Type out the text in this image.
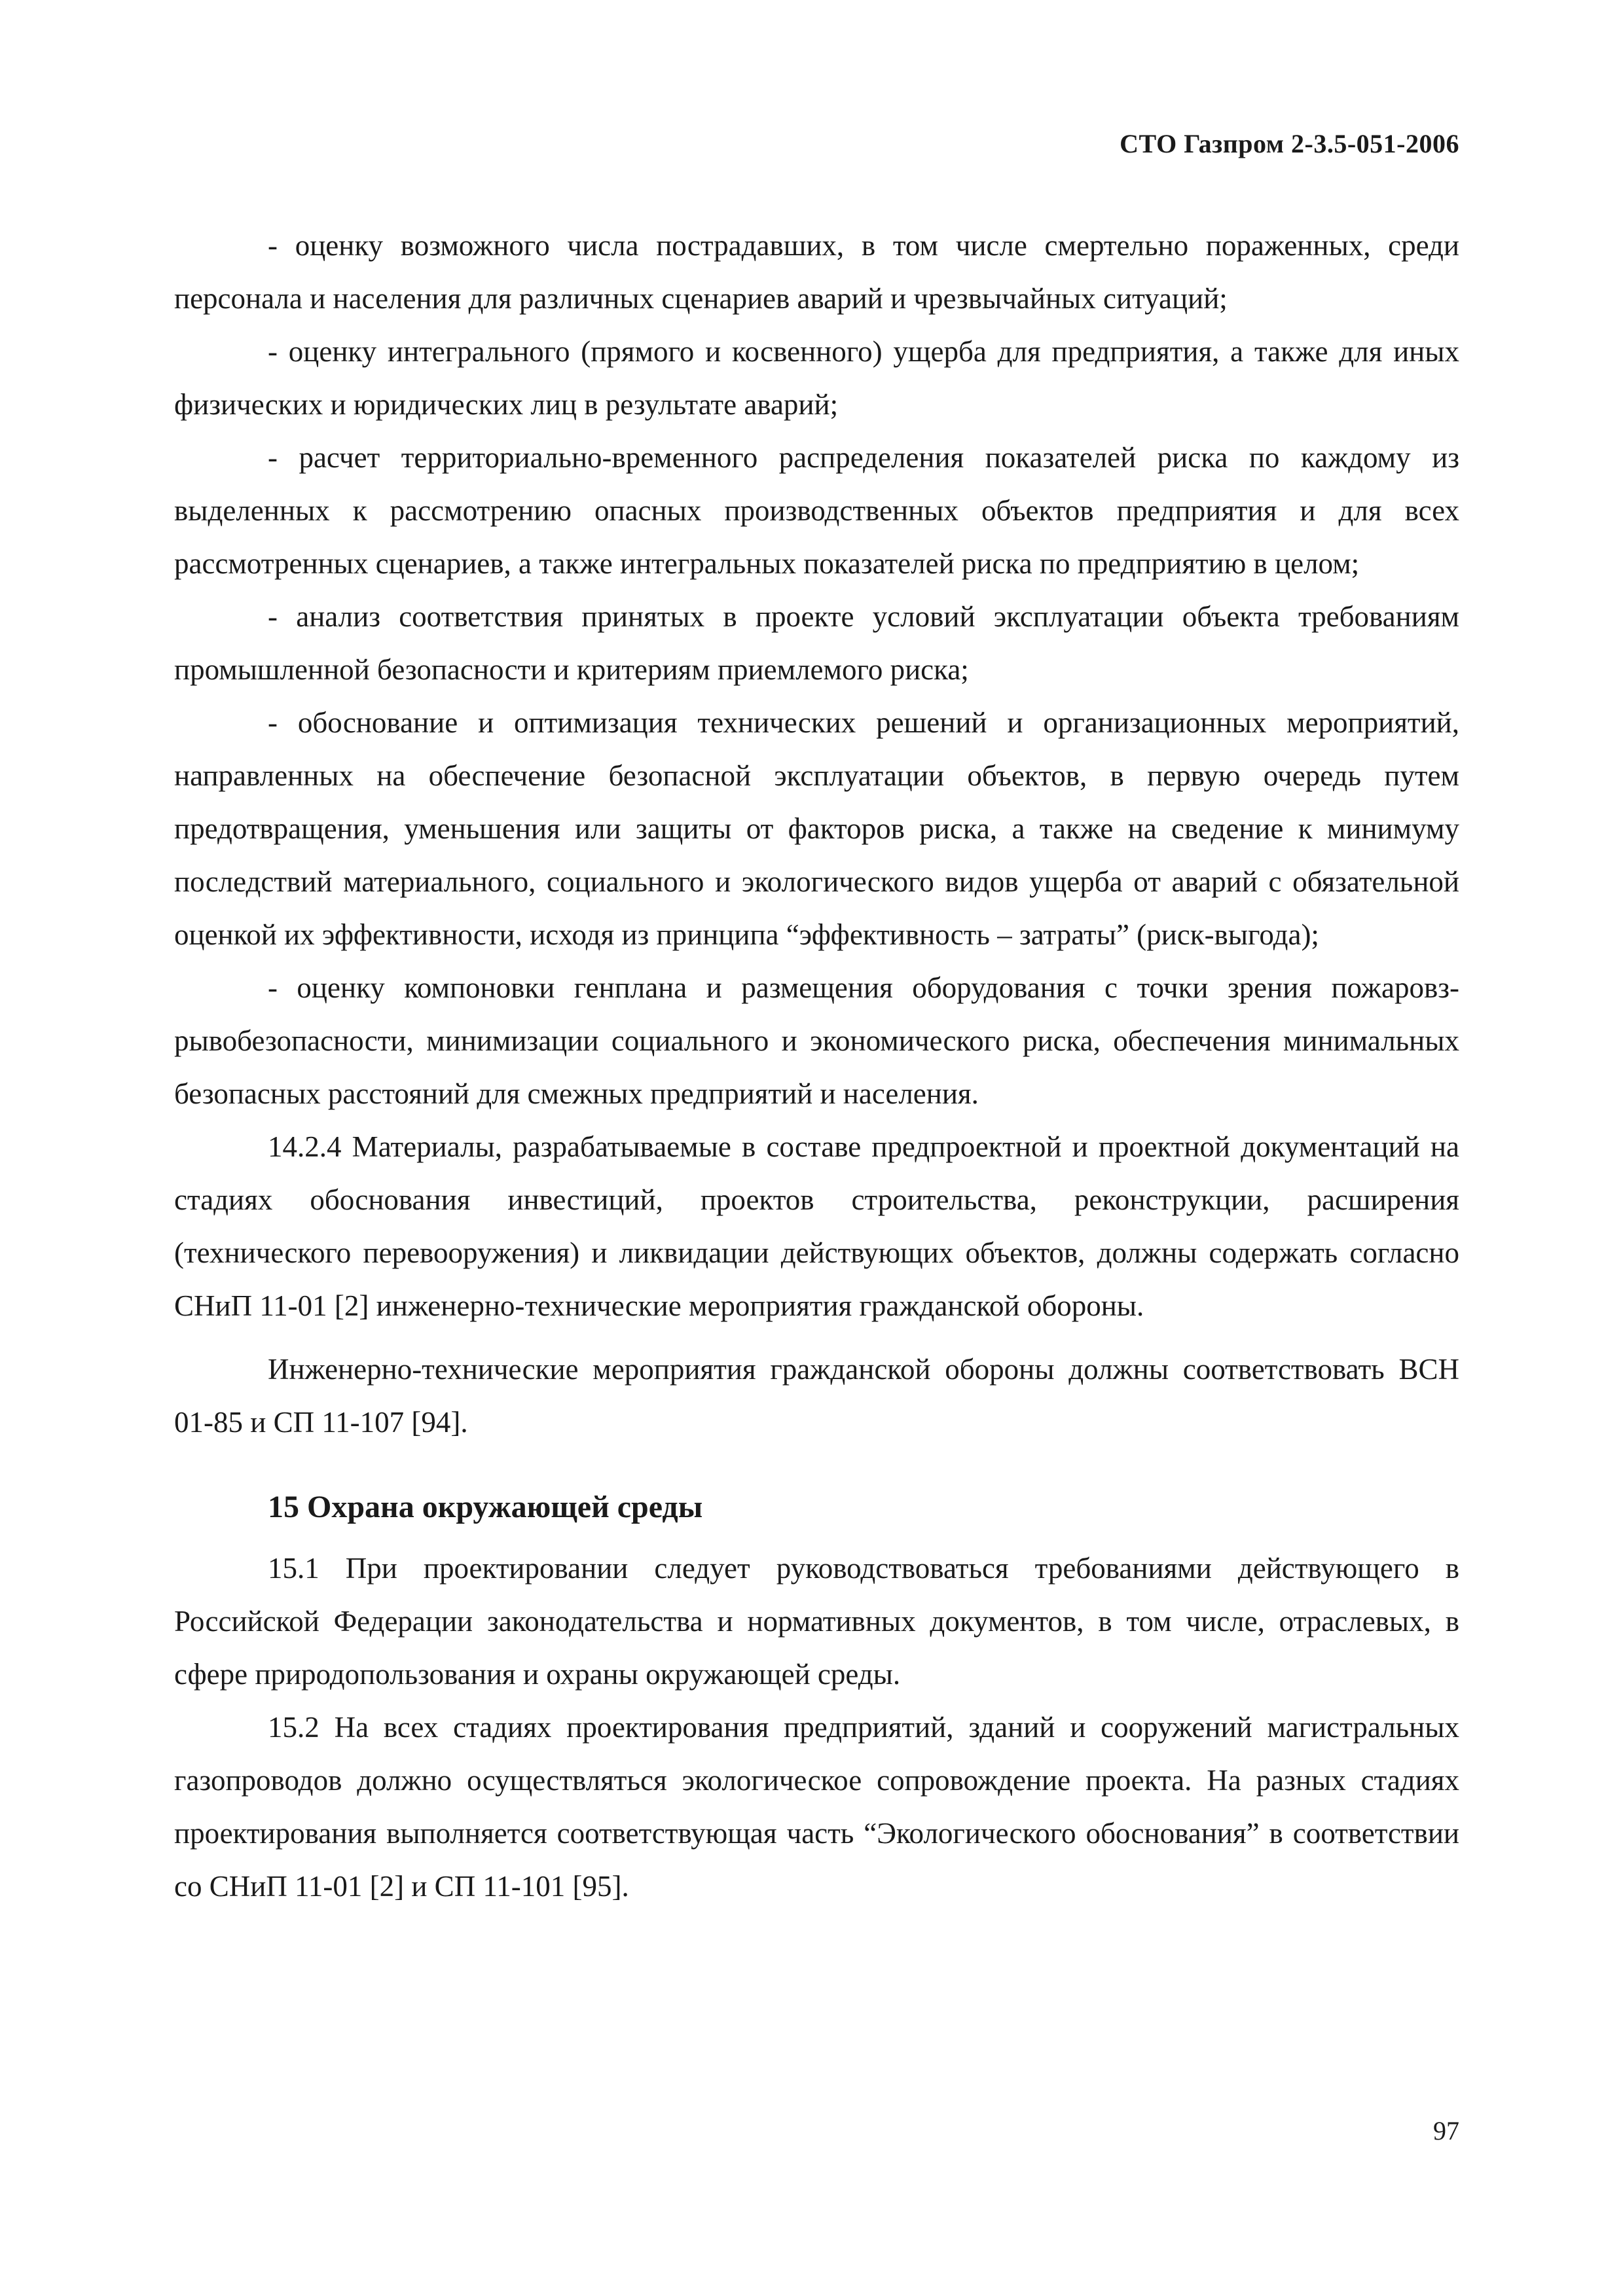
СТО Газпром 2-3.5-051-2006

- оценку возможного числа пострадавших, в том числе смертельно пораженных, среди персонала и населения для различных сценариев аварий и чрезвычайных ситуаций;

- оценку интегрального (прямого и косвенного) ущерба для предприятия, а также для иных физических и юридических лиц в результате аварий;

- расчет территориально-временного распределения показателей риска по каждому из выделенных к рассмотрению опасных производственных объектов предприятия и для всех рассмотренных сценариев, а также интегральных показателей риска по предприятию в целом;

- анализ соответствия принятых в проекте условий эксплуатации объекта требованиям промышленной безопасности и критериям приемлемого риска;

- обоснование и оптимизация технических решений и организационных мероприятий, направленных на обеспечение безопасной эксплуатации объектов, в первую очередь путем предотвращения, уменьшения или защиты от факторов риска, а также на сведение к минимуму последствий материального, социального и экологического видов ущерба от аварий с обязательной оценкой их эффективности, исходя из принципа “эффективность – затраты” (риск-выгода);

- оценку компоновки генплана и размещения оборудования с точки зрения пожаровзрывобезопасности, минимизации социального и экономического риска, обеспечения минимальных безопасных расстояний для смежных предприятий и населения.

14.2.4 Материалы, разрабатываемые в составе предпроектной и проектной документаций на стадиях обоснования инвестиций, проектов строительства, реконструкции, расширения (технического перевооружения) и ликвидации действующих объектов, должны содержать согласно СНиП 11-01 [2] инженерно-технические мероприятия гражданской обороны.

Инженерно-технические мероприятия гражданской обороны должны соответствовать ВСН 01-85 и СП 11-107 [94].

15 Охрана окружающей среды

15.1 При проектировании следует руководствоваться требованиями действующего в Российской Федерации законодательства и нормативных документов, в том числе, отраслевых, в сфере природопользования и охраны окружающей среды.

15.2 На всех стадиях проектирования предприятий, зданий и сооружений магистральных газопроводов должно осуществляться экологическое сопровождение проекта. На разных стадиях проектирования выполняется соответствующая часть “Экологического обоснования” в соответствии со СНиП 11-01 [2] и СП 11-101 [95].

97
